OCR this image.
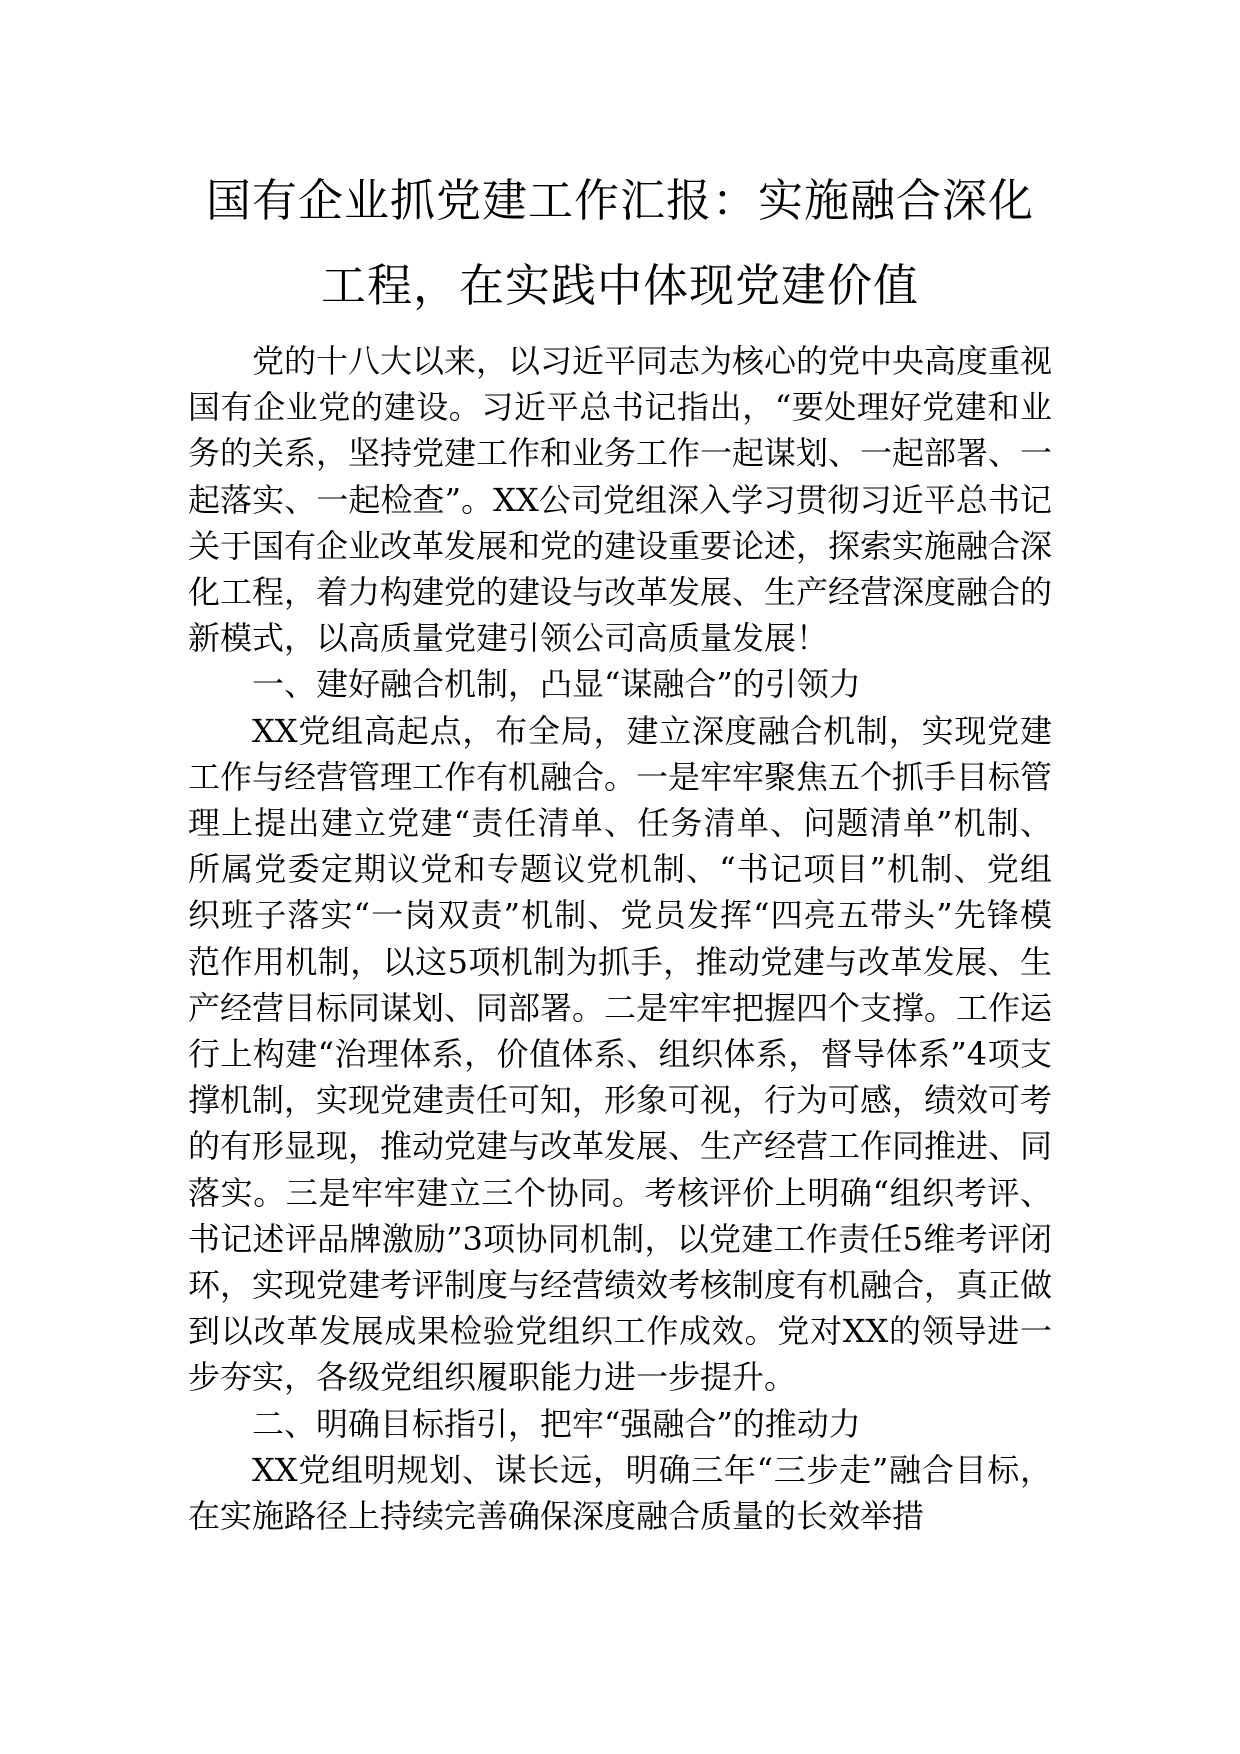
国有企业抓党建工作汇报：实施融合深化
工程，在实践中体现党建价值

党的十八大以来，以习近平同志为核心的党中央高度重视国有企业党的建设。习近平总书记指出，“要处理好党建和业务的关系，坚持党建工作和业务工作一起谋划、一起部署、一起落实、一起检查”。XX公司党组深入学习贯彻习近平总书记关于国有企业改革发展和党的建设重要论述，探索实施融合深化工程，着力构建党的建设与改革发展、生产经营深度融合的新模式，以高质量党建引领公司高质量发展！

一、建好融合机制，凸显“谋融合”的引领力

XX党组高起点，布全局，建立深度融合机制，实现党建工作与经营管理工作有机融合。一是牢牢聚焦五个抓手目标管理上提出建立党建“责任清单、任务清单、问题清单”机制、所属党委定期议党和专题议党机制、“书记项目”机制、党组织班子落实“一岗双责”机制、党员发挥“四亮五带头”先锋模范作用机制，以这5项机制为抓手，推动党建与改革发展、生产经营目标同谋划、同部署。二是牢牢把握四个支撑。工作运行上构建“治理体系，价值体系、组织体系，督导体系”4项支撑机制，实现党建责任可知，形象可视，行为可感，绩效可考的有形显现，推动党建与改革发展、生产经营工作同推进、同落实。三是牢牢建立三个协同。考核评价上明确“组织考评、书记述评品牌激励”3项协同机制，以党建工作责任5维考评闭环，实现党建考评制度与经营绩效考核制度有机融合，真正做到以改革发展成果检验党组织工作成效。党对XX的领导进一步夯实，各级党组织履职能力进一步提升。

二、明确目标指引，把牢“强融合”的推动力

XX党组明规划、谋长远，明确三年“三步走”融合目标，在实施路径上持续完善确保深度融合质量的长效举措
